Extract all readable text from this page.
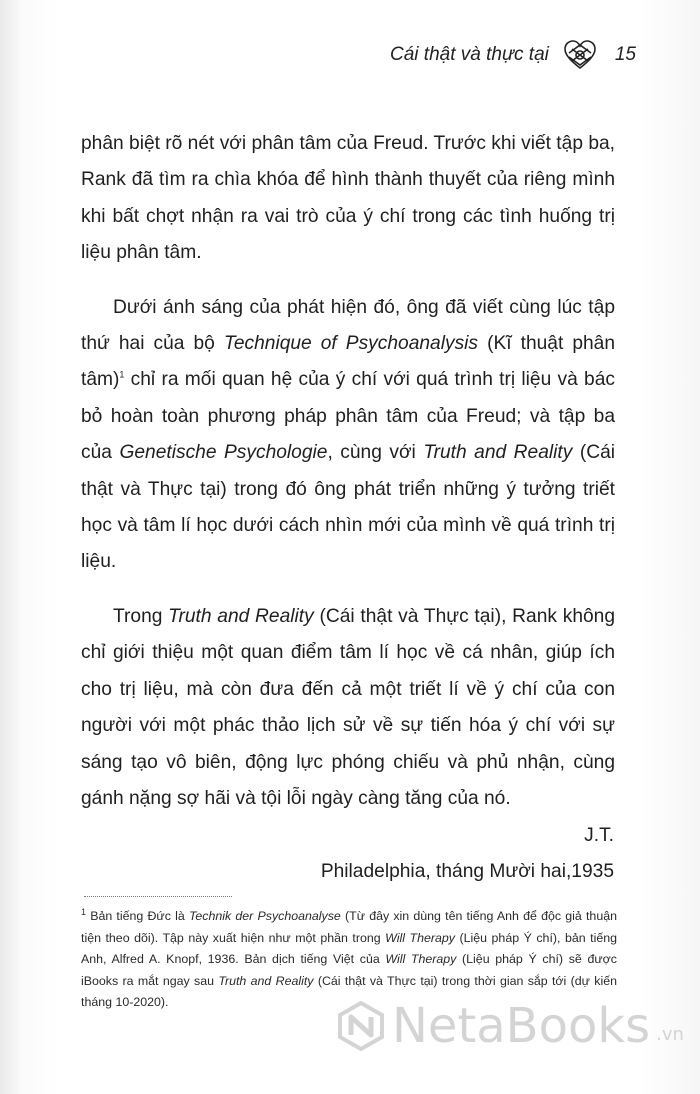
Cái thật và thực tại	15

phân biệt rõ nét với phân tâm của Freud. Trước khi viết tập ba, Rank đã tìm ra chìa khóa để hình thành thuyết của riêng mình khi bất chợt nhận ra vai trò của ý chí trong các tình huống trị liệu phân tâm.

Dưới ánh sáng của phát hiện đó, ông đã viết cùng lúc tập thứ hai của bộ Technique of Psychoanalysis (Kĩ thuật phân tâm)$^1$ chỉ ra mối quan hệ của ý chí với quá trình trị liệu và bác bỏ hoàn toàn phương pháp phân tâm của Freud; và tập ba của Genetische Psychologie, cùng với Truth and Reality (Cái thật và Thực tại) trong đó ông phát triển những ý tưởng triết học và tâm lí học dưới cách nhìn mới của mình về quá trình trị liệu.

Trong Truth and Reality (Cái thật và Thực tại), Rank không chỉ giới thiệu một quan điểm tâm lí học về cá nhân, giúp ích cho trị liệu, mà còn đưa đến cả một triết lí về ý chí của con người với một phác thảo lịch sử về sự tiến hóa ý chí với sự sáng tạo vô biên, động lực phóng chiếu và phủ nhận, cùng gánh nặng sợ hãi và tội lỗi ngày càng tăng của nó.

J.T.
Philadelphia, tháng Mười hai,1935
$^1$ Bản tiếng Đức là Technik der Psychoanalyse (Từ đây xin dùng tên tiếng Anh để độc giả thuận tiện theo dõi). Tập này xuất hiện như một phần trong Will Therapy (Liệu pháp Ý chí), bản tiếng Anh, Alfred A. Knopf, 1936. Bản dịch tiếng Việt của Will Therapy (Liệu pháp Ý chí) sẽ được iBooks ra mắt ngay sau Truth and Reality (Cái thật và Thực tại) trong thời gian sắp tới (dự kiến tháng 10-2020).	NetaBooks .vn
